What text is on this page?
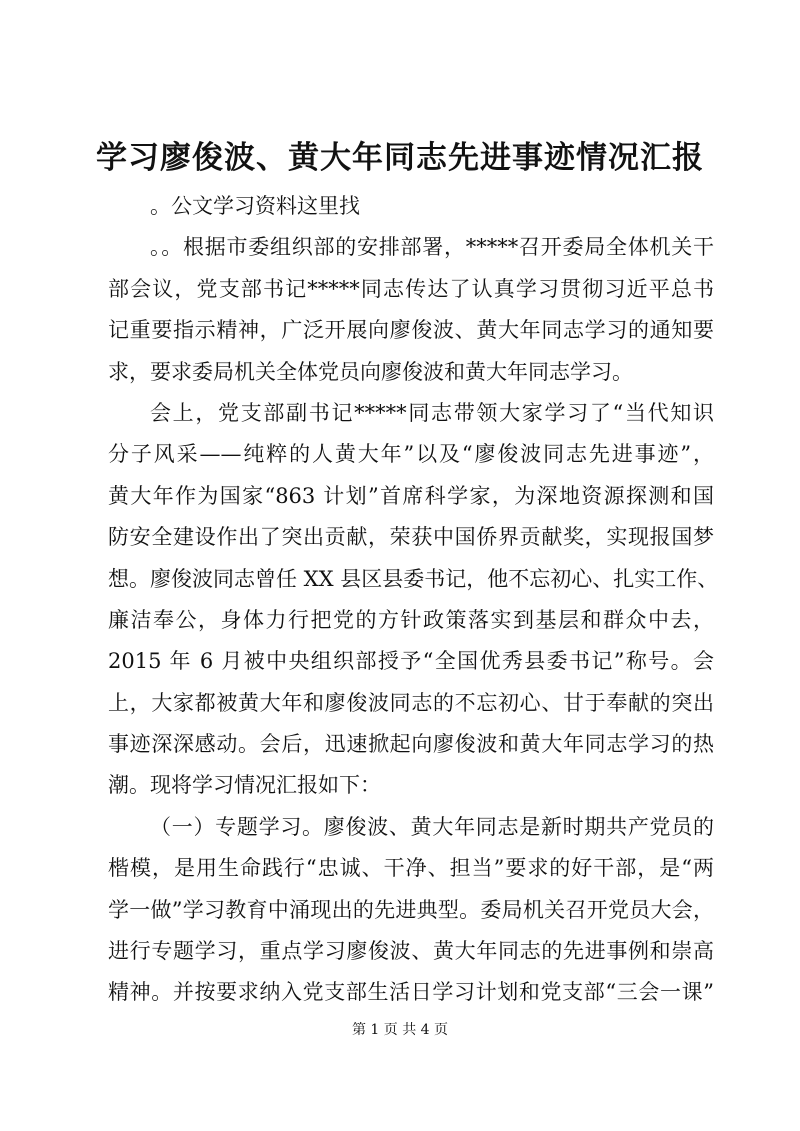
学习廖俊波、黄大年同志先进事迹情况汇报
。公文学习资料这里找
。。根据市委组织部的安排部署，*****召开委局全体机关干
部会议，党支部书记*****同志传达了认真学习贯彻习近平总书
记重要指示精神，广泛开展向廖俊波、黄大年同志学习的通知要
求，要求委局机关全体党员向廖俊波和黄大年同志学习。
会上，党支部副书记*****同志带领大家学习了“当代知识
分子风采——纯粹的人黄大年”以及“廖俊波同志先进事迹”，
黄大年作为国家“863 计划”首席科学家，为深地资源探测和国
防安全建设作出了突出贡献，荣获中国侨界贡献奖，实现报国梦
想。廖俊波同志曾任 XX 县区县委书记，他不忘初心、扎实工作、
廉洁奉公，身体力行把党的方针政策落实到基层和群众中去，
2015 年 6 月被中央组织部授予“全国优秀县委书记”称号。会
上，大家都被黄大年和廖俊波同志的不忘初心、甘于奉献的突出
事迹深深感动。会后，迅速掀起向廖俊波和黄大年同志学习的热
潮。现将学习情况汇报如下：
（一）专题学习。廖俊波、黄大年同志是新时期共产党员的
楷模，是用生命践行“忠诚、干净、担当”要求的好干部，是“两
学一做”学习教育中涌现出的先进典型。委局机关召开党员大会，
进行专题学习，重点学习廖俊波、黄大年同志的先进事例和崇高
精神。并按要求纳入党支部生活日学习计划和党支部“三会一课”
第 1 页 共 4 页
